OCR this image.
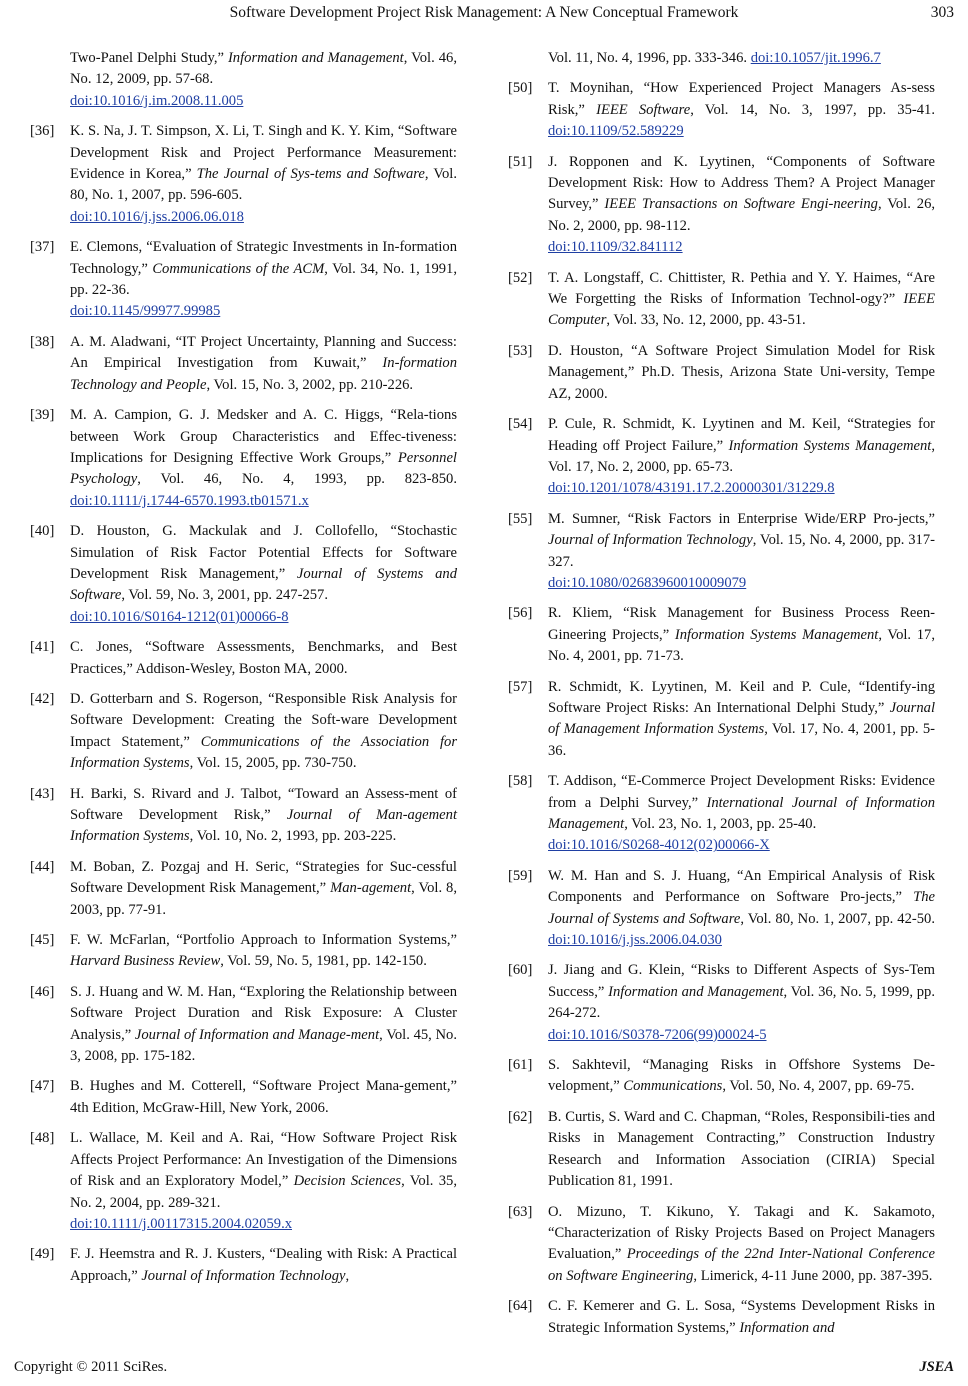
Software Development Project Risk Management: A New Conceptual Framework	303
Two-Panel Delphi Study,” Information and Management, Vol. 46, No. 12, 2009, pp. 57-68.
doi:10.1016/j.im.2008.11.005
[36] K. S. Na, J. T. Simpson, X. Li, T. Singh and K. Y. Kim, “Software Development Risk and Project Performance Measurement: Evidence in Korea,” The Journal of Sys-tems and Software, Vol. 80, No. 1, 2007, pp. 596-605.
doi:10.1016/j.jss.2006.06.018
[37] E. Clemons, “Evaluation of Strategic Investments in In-formation Technology,” Communications of the ACM, Vol. 34, No. 1, 1991, pp. 22-36.
doi:10.1145/99977.99985
[38] A. M. Aladwani, “IT Project Uncertainty, Planning and Success: An Empirical Investigation from Kuwait,” In-formation Technology and People, Vol. 15, No. 3, 2002, pp. 210-226.
[39] M. A. Campion, G. J. Medsker and A. C. Higgs, “Rela-tions between Work Group Characteristics and Effec-tiveness: Implications for Designing Effective Work Groups,” Personnel Psychology, Vol. 46, No. 4, 1993, pp. 823-850. doi:10.1111/j.1744-6570.1993.tb01571.x
[40] D. Houston, G. Mackulak and J. Collofello, “Stochastic Simulation of Risk Factor Potential Effects for Software Development Risk Management,” Journal of Systems and Software, Vol. 59, No. 3, 2001, pp. 247-257.
doi:10.1016/S0164-1212(01)00066-8
[41] C. Jones, “Software Assessments, Benchmarks, and Best Practices,” Addison-Wesley, Boston MA, 2000.
[42] D. Gotterbarn and S. Rogerson, “Responsible Risk Analysis for Software Development: Creating the Soft-ware Development Impact Statement,” Communications of the Association for Information Systems, Vol. 15, 2005, pp. 730-750.
[43] H. Barki, S. Rivard and J. Talbot, “Toward an Assess-ment of Software Development Risk,” Journal of Man-agement Information Systems, Vol. 10, No. 2, 1993, pp. 203-225.
[44] M. Boban, Z. Pozgaj and H. Seric, “Strategies for Suc-cessful Software Development Risk Management,” Man-agement, Vol. 8, 2003, pp. 77-91.
[45] F. W. McFarlan, “Portfolio Approach to Information Systems,” Harvard Business Review, Vol. 59, No. 5, 1981, pp. 142-150.
[46] S. J. Huang and W. M. Han, “Exploring the Relationship between Software Project Duration and Risk Exposure: A Cluster Analysis,” Journal of Information and Manage-ment, Vol. 45, No. 3, 2008, pp. 175-182.
[47] B. Hughes and M. Cotterell, “Software Project Mana-gement,” 4th Edition, McGraw-Hill, New York, 2006.
[48] L. Wallace, M. Keil and A. Rai, “How Software Project Risk Affects Project Performance: An Investigation of the Dimensions of Risk and an Exploratory Model,” Decision Sciences, Vol. 35, No. 2, 2004, pp. 289-321.
doi:10.1111/j.00117315.2004.02059.x
[49] F. J. Heemstra and R. J. Kusters, “Dealing with Risk: A Practical Approach,” Journal of Information Technology,
Vol. 11, No. 4, 1996, pp. 333-346. doi:10.1057/jit.1996.7
[50] T. Moynihan, “How Experienced Project Managers As-sess Risk,” IEEE Software, Vol. 14, No. 3, 1997, pp. 35-41. doi:10.1109/52.589229
[51] J. Ropponen and K. Lyytinen, “Components of Software Development Risk: How to Address Them? A Project Manager Survey,” IEEE Transactions on Software Engi-neering, Vol. 26, No. 2, 2000, pp. 98-112.
doi:10.1109/32.841112
[52] T. A. Longstaff, C. Chittister, R. Pethia and Y. Y. Haimes, “Are We Forgetting the Risks of Information Technol-ogy?” IEEE Computer, Vol. 33, No. 12, 2000, pp. 43-51.
[53] D. Houston, “A Software Project Simulation Model for Risk Management,” Ph.D. Thesis, Arizona State Uni-versity, Tempe AZ, 2000.
[54] P. Cule, R. Schmidt, K. Lyytinen and M. Keil, “Strategies for Heading off Project Failure,” Information Systems Management, Vol. 17, No. 2, 2000, pp. 65-73.
doi:10.1201/1078/43191.17.2.20000301/31229.8
[55] M. Sumner, “Risk Factors in Enterprise Wide/ERP Pro-jects,” Journal of Information Technology, Vol. 15, No. 4, 2000, pp. 317-327.
doi:10.1080/02683960010009079
[56] R. Kliem, “Risk Management for Business Process Reen-Gineering Projects,” Information Systems Management, Vol. 17, No. 4, 2001, pp. 71-73.
[57] R. Schmidt, K. Lyytinen, M. Keil and P. Cule, “Identify-ing Software Project Risks: An International Delphi Study,” Journal of Management Information Systems, Vol. 17, No. 4, 2001, pp. 5-36.
[58] T. Addison, “E-Commerce Project Development Risks: Evidence from a Delphi Survey,” International Journal of Information Management, Vol. 23, No. 1, 2003, pp. 25-40.
doi:10.1016/S0268-4012(02)00066-X
[59] W. M. Han and S. J. Huang, “An Empirical Analysis of Risk Components and Performance on Software Pro-jects,” The Journal of Systems and Software, Vol. 80, No. 1, 2007, pp. 42-50. doi:10.1016/j.jss.2006.04.030
[60] J. Jiang and G. Klein, “Risks to Different Aspects of Sys-Tem Success,” Information and Management, Vol. 36, No. 5, 1999, pp. 264-272.
doi:10.1016/S0378-7206(99)00024-5
[61] S. Sakhtevil, “Managing Risks in Offshore Systems De-velopment,” Communications, Vol. 50, No. 4, 2007, pp. 69-75.
[62] B. Curtis, S. Ward and C. Chapman, “Roles, Responsibili-ties and Risks in Management Contracting,” Construction Industry Research and Information Association (CIRIA) Special Publication 81, 1991.
[63] O. Mizuno, T. Kikuno, Y. Takagi and K. Sakamoto, “Characterization of Risky Projects Based on Project Managers Evaluation,” Proceedings of the 22nd Inter-National Conference on Software Engineering, Limerick, 4-11 June 2000, pp. 387-395.
[64] C. F. Kemerer and G. L. Sosa, “Systems Development Risks in Strategic Information Systems,” Information and
Copyright © 2011 SciRes.	JSEA
